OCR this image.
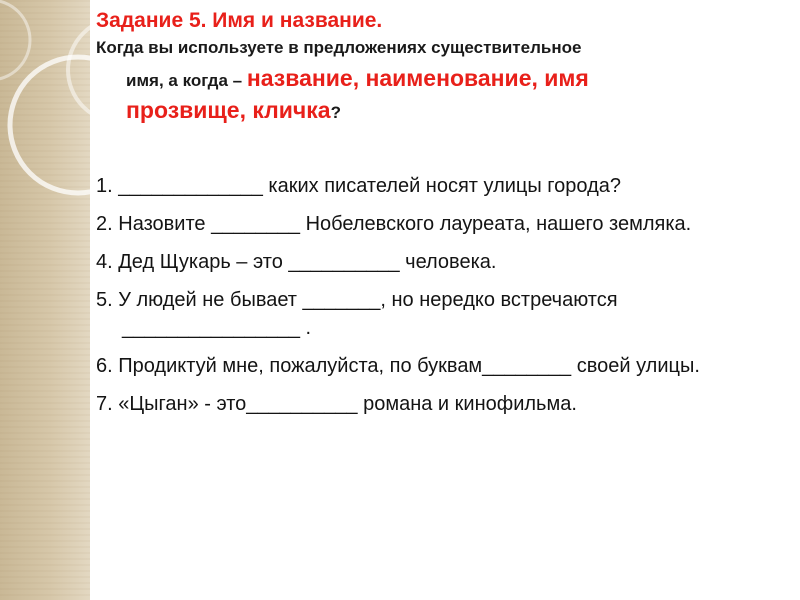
Задание 5. Имя и название.
Когда вы используете в предложениях существительное
имя, а когда – название, наименование, имя
прозвище, кличка?
1. _____________ каких писателей носят улицы города?
2. Назовите ________ Нобелевского лауреата, нашего земляка.
4. Дед Щукарь – это __________ человека.
5. У людей не бывает _______, но нередко встречаются ________________ .
6. Продиктуй мне, пожалуйста, по буквам________ своей улицы.
7. «Цыган» - это__________ романа и кинофильма.
